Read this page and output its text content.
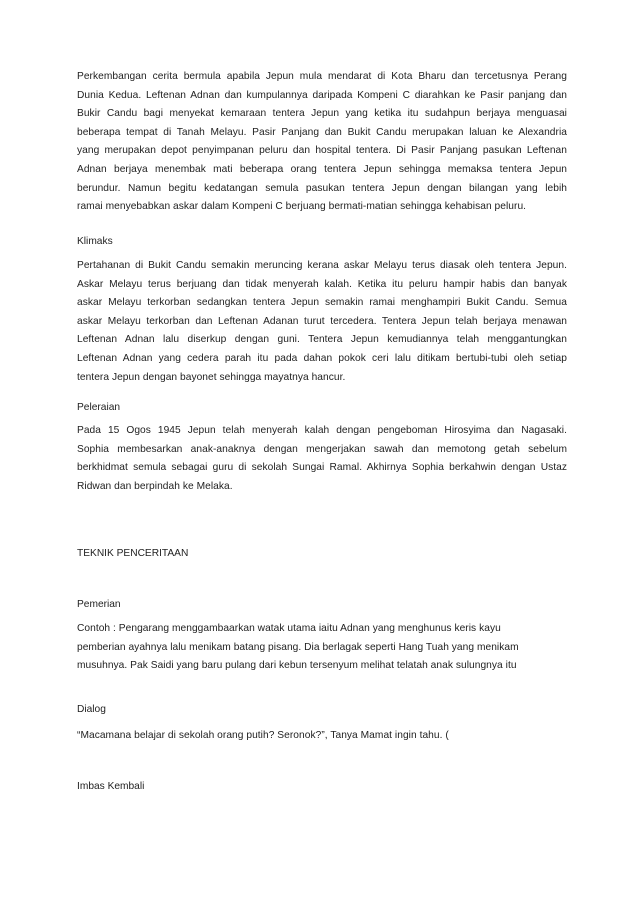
Perkembangan cerita bermula apabila Jepun mula mendarat di Kota Bharu dan tercetusnya Perang
Dunia Kedua. Leftenan Adnan dan kumpulannya daripada Kompeni C diarahkan ke Pasir panjang dan
Bukir Candu bagi menyekat kemaraan tentera Jepun yang ketika itu sudahpun berjaya menguasai
beberapa tempat di Tanah Melayu. Pasir Panjang dan Bukit Candu merupakan laluan ke Alexandria
yang merupakan depot penyimpanan peluru dan hospital tentera. Di Pasir Panjang pasukan Leftenan
Adnan berjaya menembak mati beberapa orang tentera Jepun sehingga memaksa tentera Jepun
berundur. Namun begitu kedatangan semula pasukan tentera Jepun dengan bilangan yang lebih
ramai menyebabkan askar dalam Kompeni C berjuang bermati-matian sehingga kehabisan peluru.
Klimaks
Pertahanan di Bukit Candu semakin meruncing kerana askar Melayu terus diasak oleh tentera Jepun.
Askar Melayu terus berjuang dan tidak menyerah kalah. Ketika itu peluru hampir habis dan banyak
askar Melayu terkorban sedangkan tentera Jepun semakin ramai menghampiri Bukit Candu. Semua
askar Melayu terkorban dan Leftenan Adanan turut tercedera. Tentera Jepun telah berjaya menawan
Leftenan Adnan lalu diserkup dengan guni. Tentera Jepun kemudiannya telah menggantungkan
Leftenan Adnan yang cedera parah itu pada dahan pokok ceri lalu ditikam bertubi-tubi oleh setiap
tentera Jepun dengan bayonet sehingga mayatnya hancur.
Peleraian
Pada 15 Ogos 1945 Jepun telah menyerah kalah dengan pengeboman Hirosyima dan Nagasaki.
Sophia membesarkan anak-anaknya dengan mengerjakan sawah dan memotong getah sebelum
berkhidmat semula sebagai guru di sekolah Sungai Ramal. Akhirnya Sophia berkahwin dengan Ustaz
Ridwan dan berpindah ke Melaka.
TEKNIK PENCERITAAN
Pemerian
Contoh : Pengarang menggambaarkan watak utama iaitu Adnan yang menghunus keris kayu
pemberian ayahnya lalu menikam batang pisang. Dia berlagak seperti Hang Tuah yang menikam
musuhnya. Pak Saidi yang baru pulang dari kebun tersenyum melihat telatah anak sulungnya itu
Dialog
“Macamana belajar di sekolah orang putih? Seronok?”, Tanya Mamat ingin tahu. (
Imbas Kembali
